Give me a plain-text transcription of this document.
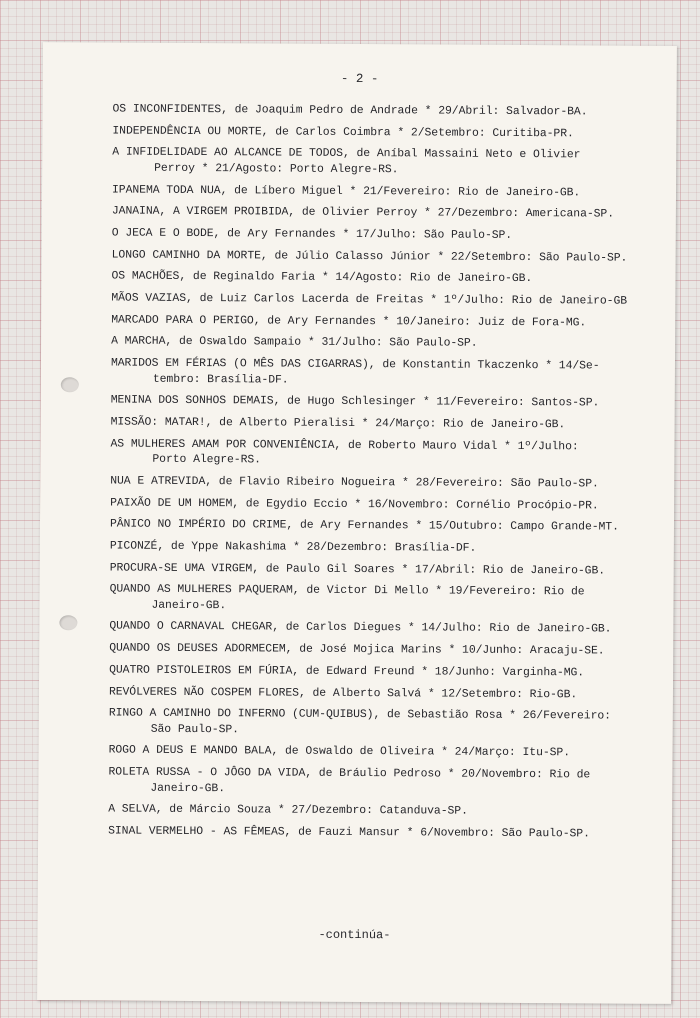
- 2 -
OS INCONFIDENTES, de Joaquim Pedro de Andrade * 29/Abril: Salvador-BA.
INDEPENDÊNCIA OU MORTE, de Carlos Coimbra * 2/Setembro: Curitiba-PR.
A INFIDELIDADE AO ALCANCE DE TODOS, de Aníbal Massaini Neto e Olivier
Perroy * 21/Agosto: Porto Alegre-RS.
IPANEMA TODA NUA, de Líbero Miguel * 21/Fevereiro: Rio de Janeiro-GB.
JANAINA, A VIRGEM PROIBIDA, de Olivier Perroy * 27/Dezembro: Americana-SP.
O JECA E O BODE, de Ary Fernandes * 17/Julho: São Paulo-SP.
LONGO CAMINHO DA MORTE, de Júlio Calasso Júnior * 22/Setembro: São Paulo-SP.
OS MACHÕES, de Reginaldo Faria * 14/Agosto: Rio de Janeiro-GB.
MÃOS VAZIAS, de Luiz Carlos Lacerda de Freitas * 1º/Julho: Rio de Janeiro-GB
MARCADO PARA O PERIGO, de Ary Fernandes * 10/Janeiro: Juiz de Fora-MG.
A MARCHA, de Oswaldo Sampaio * 31/Julho: São Paulo-SP.
MARIDOS EM FÉRIAS (O MÊS DAS CIGARRAS), de Konstantin Tkaczenko * 14/Se-
tembro: Brasília-DF.
MENINA DOS SONHOS DEMAIS, de Hugo Schlesinger * 11/Fevereiro: Santos-SP.
MISSÃO: MATAR!, de Alberto Pieralisi * 24/Março: Rio de Janeiro-GB.
AS MULHERES AMAM POR CONVENIÊNCIA, de Roberto Mauro Vidal * 1º/Julho:
Porto Alegre-RS.
NUA E ATREVIDA, de Flavio Ribeiro Nogueira * 28/Fevereiro: São Paulo-SP.
PAIXÃO DE UM HOMEM, de Egydio Eccio * 16/Novembro: Cornélio Procópio-PR.
PÂNICO NO IMPÉRIO DO CRIME, de Ary Fernandes * 15/Outubro: Campo Grande-MT.
PICONZÉ, de Yppe Nakashima * 28/Dezembro: Brasília-DF.
PROCURA-SE UMA VIRGEM, de Paulo Gil Soares * 17/Abril: Rio de Janeiro-GB.
QUANDO AS MULHERES PAQUERAM, de Victor Di Mello * 19/Fevereiro: Rio de
Janeiro-GB.
QUANDO O CARNAVAL CHEGAR, de Carlos Diegues * 14/Julho: Rio de Janeiro-GB.
QUANDO OS DEUSES ADORMECEM, de José Mojica Marins * 10/Junho: Aracaju-SE.
QUATRO PISTOLEIROS EM FÚRIA, de Edward Freund * 18/Junho: Varginha-MG.
REVÓLVERES NÃO COSPEM FLORES, de Alberto Salvá * 12/Setembro: Rio-GB.
RINGO A CAMINHO DO INFERNO (CUM-QUIBUS), de Sebastião Rosa * 26/Fevereiro:
São Paulo-SP.
ROGO A DEUS E MANDO BALA, de Oswaldo de Oliveira * 24/Março: Itu-SP.
ROLETA RUSSA - O JÔGO DA VIDA, de Bráulio Pedroso * 20/Novembro: Rio de
Janeiro-GB.
A SELVA, de Márcio Souza * 27/Dezembro: Catanduva-SP.
SINAL VERMELHO - AS FÊMEAS, de Fauzi Mansur * 6/Novembro: São Paulo-SP.
-continúa-
